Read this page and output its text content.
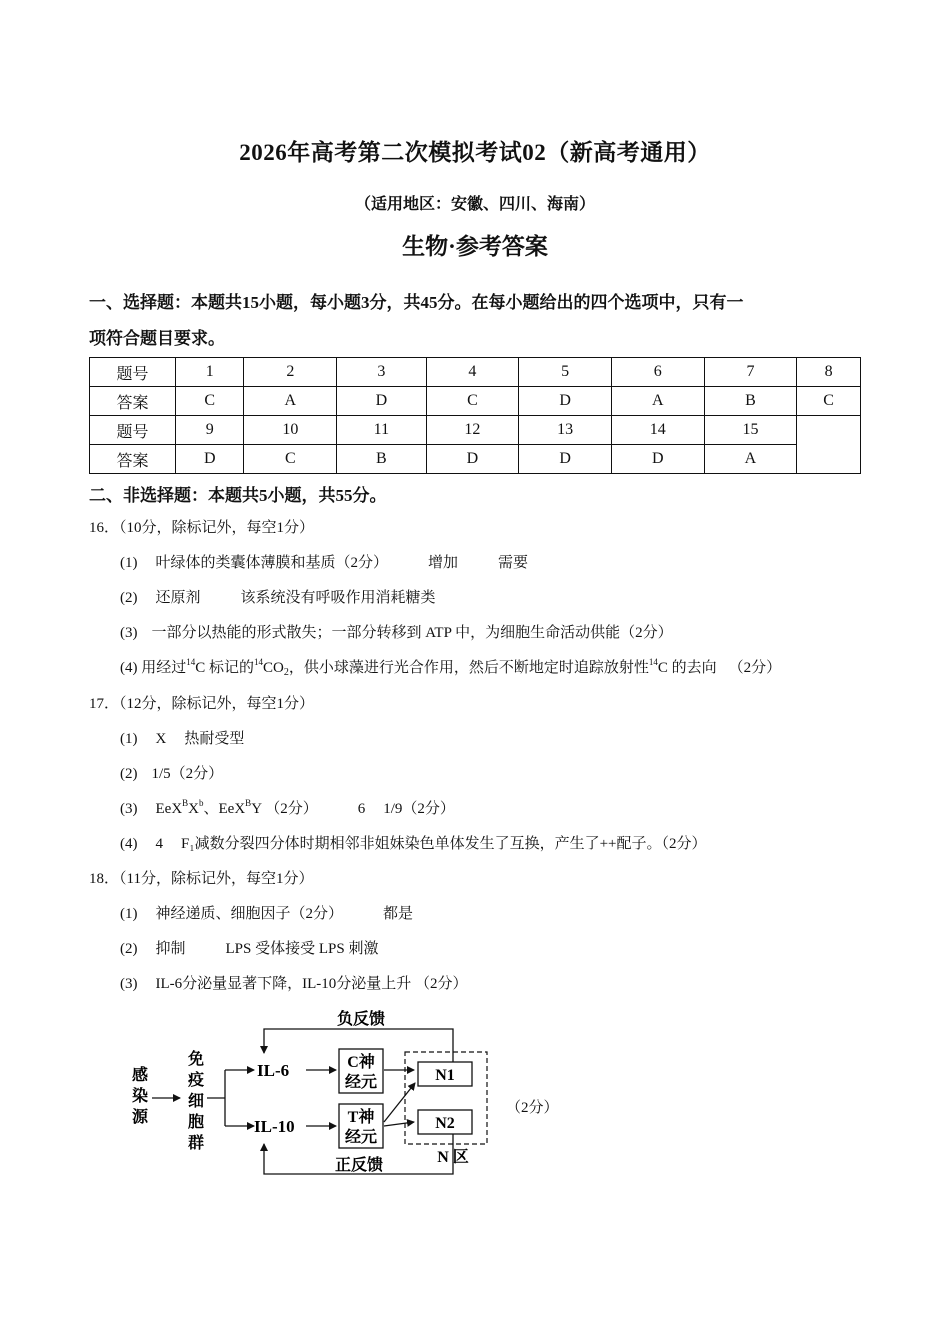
2026年高考第二次模拟考试02（新高考通用）
（适用地区：安徽、四川、海南）
生物·参考答案
一、选择题：本题共15小题，每小题3分，共45分。在每小题给出的四个选项中，只有一
项符合题目要求。
题号	1	2	3	4	5	6	7	8
答案	C	A	D	C	D	A	B	C
题号	9	10	11	12	13	14	15	
答案	D	C	B	D	D	D	A	
二、非选择题：本题共5小题，共55分。
16．（10分，除标记外，每空1分）
(1) 叶绿体的类囊体薄膜和基质（2分）	增加	需要
(2) 还原剂	该系统没有呼吸作用消耗糖类
(3) 一部分以热能的形式散失；一部分转移到 ATP 中，为细胞生命活动供能（2分）
(4) 用经过$^{14}$C 标记的$^{14}CO_2$，供小球藻进行光合作用，然后不断地定时追踪放射性$^{14}$C 的去向 （2分）
17．（12分，除标记外，每空1分）
(1) X 热耐受型
(2) 1/5（2分）
(3) $EeX^BX^b$、EeX$^B$Y （2分）	6 1/9（2分）
(4) 4 F₁减数分裂四分体时期相邻非姐妹染色单体发生了互换，产生了++配子。（2分）
18．（11分，除标记外，每空1分）
(1) 神经递质、细胞因子（2分）	都是
(2) 抑制	LPS 受体接受 LPS 刺激
(3) IL-6分泌量显著下降，IL-10分泌量上升 （2分）
感染源
免疫细胞群
IL-6
IL-10
C神
经元
T神
经元
N1
N2
N 区
负反馈
正反馈
（2分）
